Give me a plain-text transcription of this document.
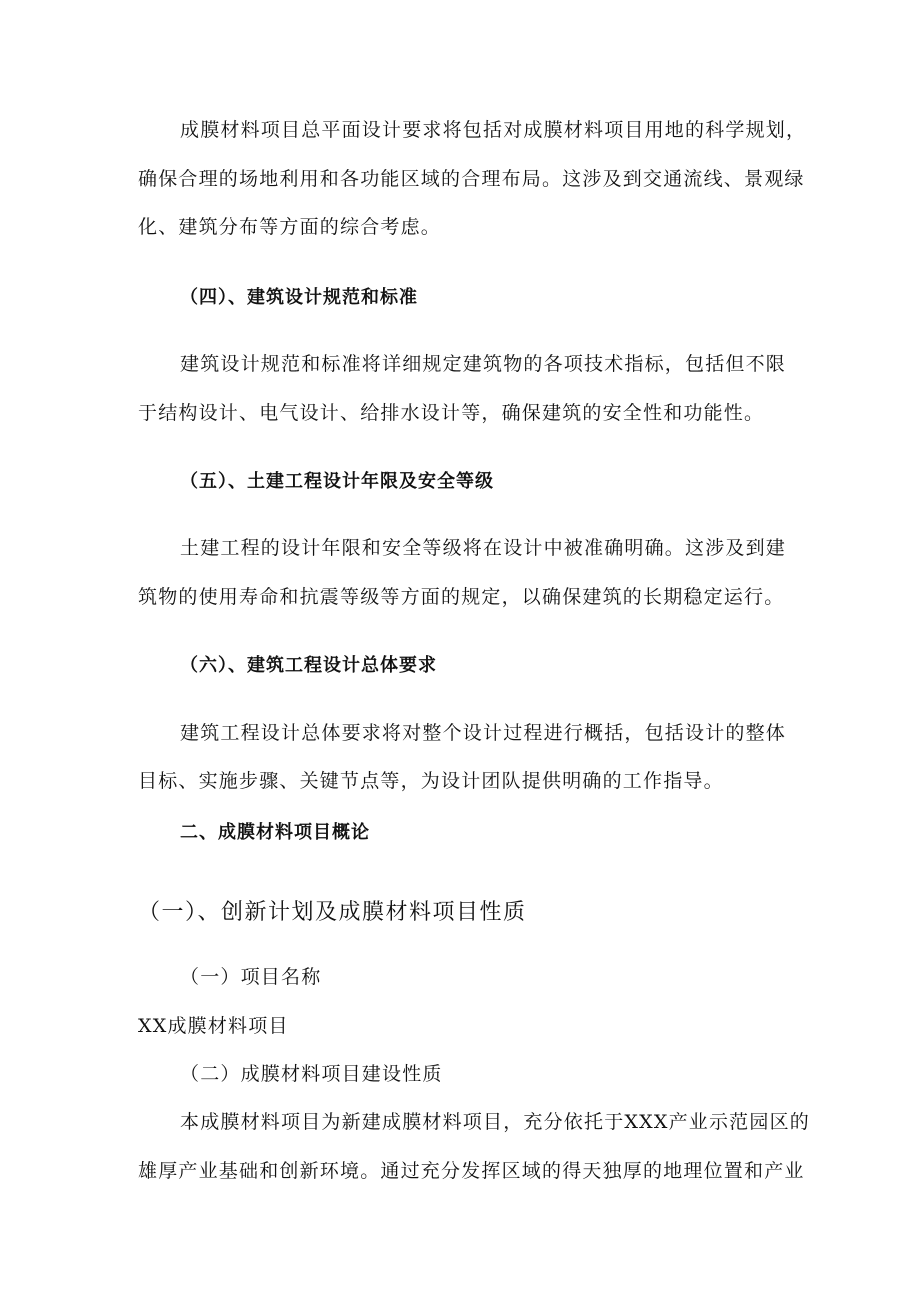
成膜材料项目总平面设计要求将包括对成膜材料项目用地的科学规划，

确保合理的场地利用和各功能区域的合理布局。这涉及到交通流线、景观绿

化、建筑分布等方面的综合考虑。

（四）、建筑设计规范和标准

建筑设计规范和标准将详细规定建筑物的各项技术指标，包括但不限

于结构设计、电气设计、给排水设计等，确保建筑的安全性和功能性。

（五）、土建工程设计年限及安全等级

土建工程的设计年限和安全等级将在设计中被准确明确。这涉及到建

筑物的使用寿命和抗震等级等方面的规定，以确保建筑的长期稳定运行。

（六）、建筑工程设计总体要求

建筑工程设计总体要求将对整个设计过程进行概括，包括设计的整体

目标、实施步骤、关键节点等，为设计团队提供明确的工作指导。

二、成膜材料项目概论

（一）、创新计划及成膜材料项目性质

（一）项目名称

XX成膜材料项目

（二）成膜材料项目建设性质

本成膜材料项目为新建成膜材料项目，充分依托于XXX产业示范园区的

雄厚产业基础和创新环境。通过充分发挥区域的得天独厚的地理位置和产业
